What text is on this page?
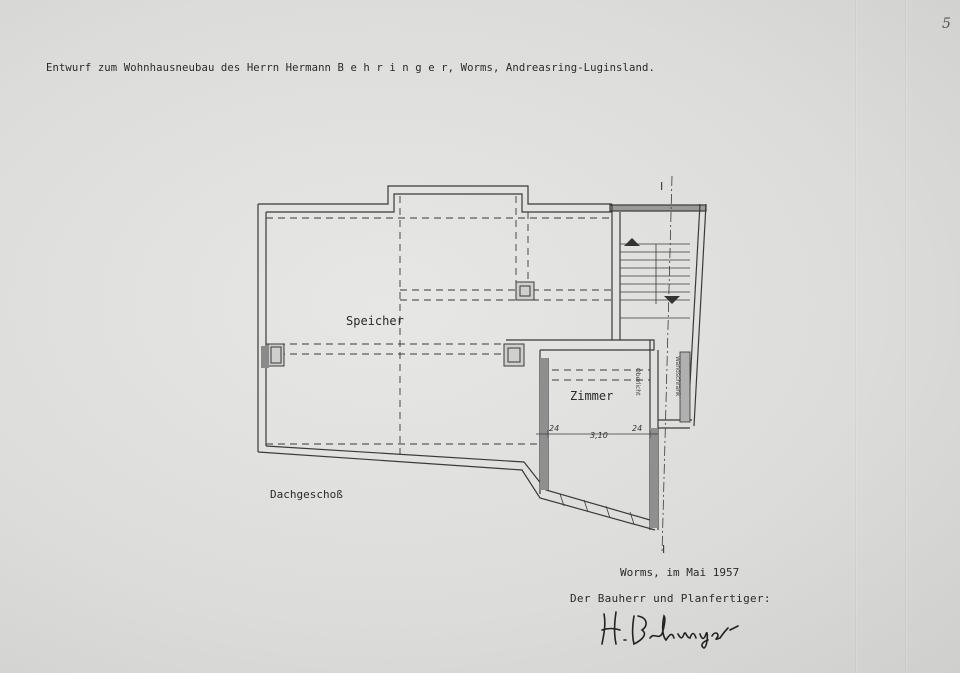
5

Entwurf zum Wohnhausneubau des Herrn Hermann B e h r i n g e r, Worms, Andreasring-Luginsland.

Speicher
Zimmer
24
3,10
24
Oberlicht	Wandschrank
I
I

Dachgeschoß

Worms, im Mai 1957

Der Bauherr und Planfertiger:
